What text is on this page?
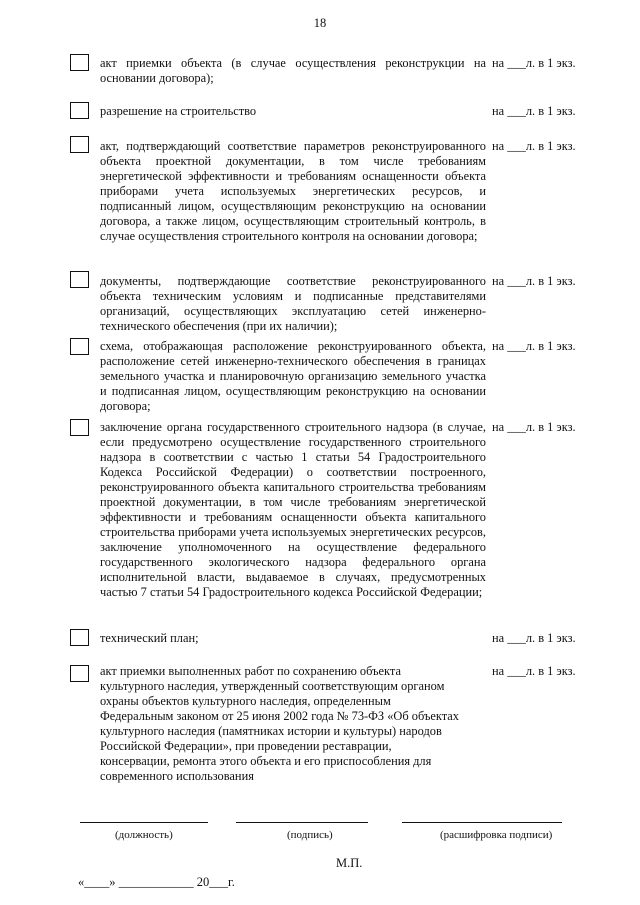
18
акт приемки объекта (в случае осуществления реконструкции на основании договора);
на ___л. в 1 экз.
разрешение на строительство	на ___л. в 1 экз.
акт, подтверждающий соответствие параметров реконструированного объекта проектной документации, в том числе требованиям энергетической эффективности и требованиям оснащенности объекта приборами учета используемых энергетических ресурсов, и подписанный лицом, осуществляющим реконструкцию на основании договора, а также лицом, осуществляющим строительный контроль, в случае осуществления строительного контроля на основании договора;
на ___л. в 1 экз.
документы, подтверждающие соответствие реконструированного объекта техническим условиям и подписанные представителями организаций, осуществляющих эксплуатацию сетей инженерно-технического обеспечения (при их наличии);
на ___л. в 1 экз.
схема, отображающая расположение реконструированного объекта, расположение сетей инженерно-технического обеспечения в границах земельного участка и планировочную организацию земельного участка и подписанная лицом, осуществляющим реконструкцию на основании договора;
на ___л. в 1 экз.
заключение органа государственного строительного надзора (в случае, если предусмотрено осуществление государственного строительного надзора в соответствии с частью 1 статьи 54 Градостроительного Кодекса Российской Федерации) о соответствии построенного, реконструированного объекта капитального строительства требованиям проектной документации, в том числе требованиям энергетической эффективности и требованиям оснащенности объекта капитального строительства приборами учета используемых энергетических ресурсов, заключение уполномоченного на осуществление федерального государственного экологического надзора федерального органа исполнительной власти, выдаваемое в случаях, предусмотренных частью 7 статьи 54 Градостроительного кодекса Российской Федерации;
на ___л. в 1 экз.
технический план;	на ___л. в 1 экз.
акт приемки выполненных работ по сохранению объекта
культурного наследия, утвержденный соответствующим органом
охраны объектов культурного наследия, определенным
Федеральным законом от 25 июня 2002 года № 73-ФЗ «Об объектах
культурного наследия (памятниках истории и культуры) народов
Российской Федерации», при проведении реставрации,
консервации, ремонта этого объекта и его приспособления для
современного использования
на ___л. в 1 экз.
(должность)	(подпись)	(расшифровка подписи)
М.П.
«____» ____________ 20___г.
